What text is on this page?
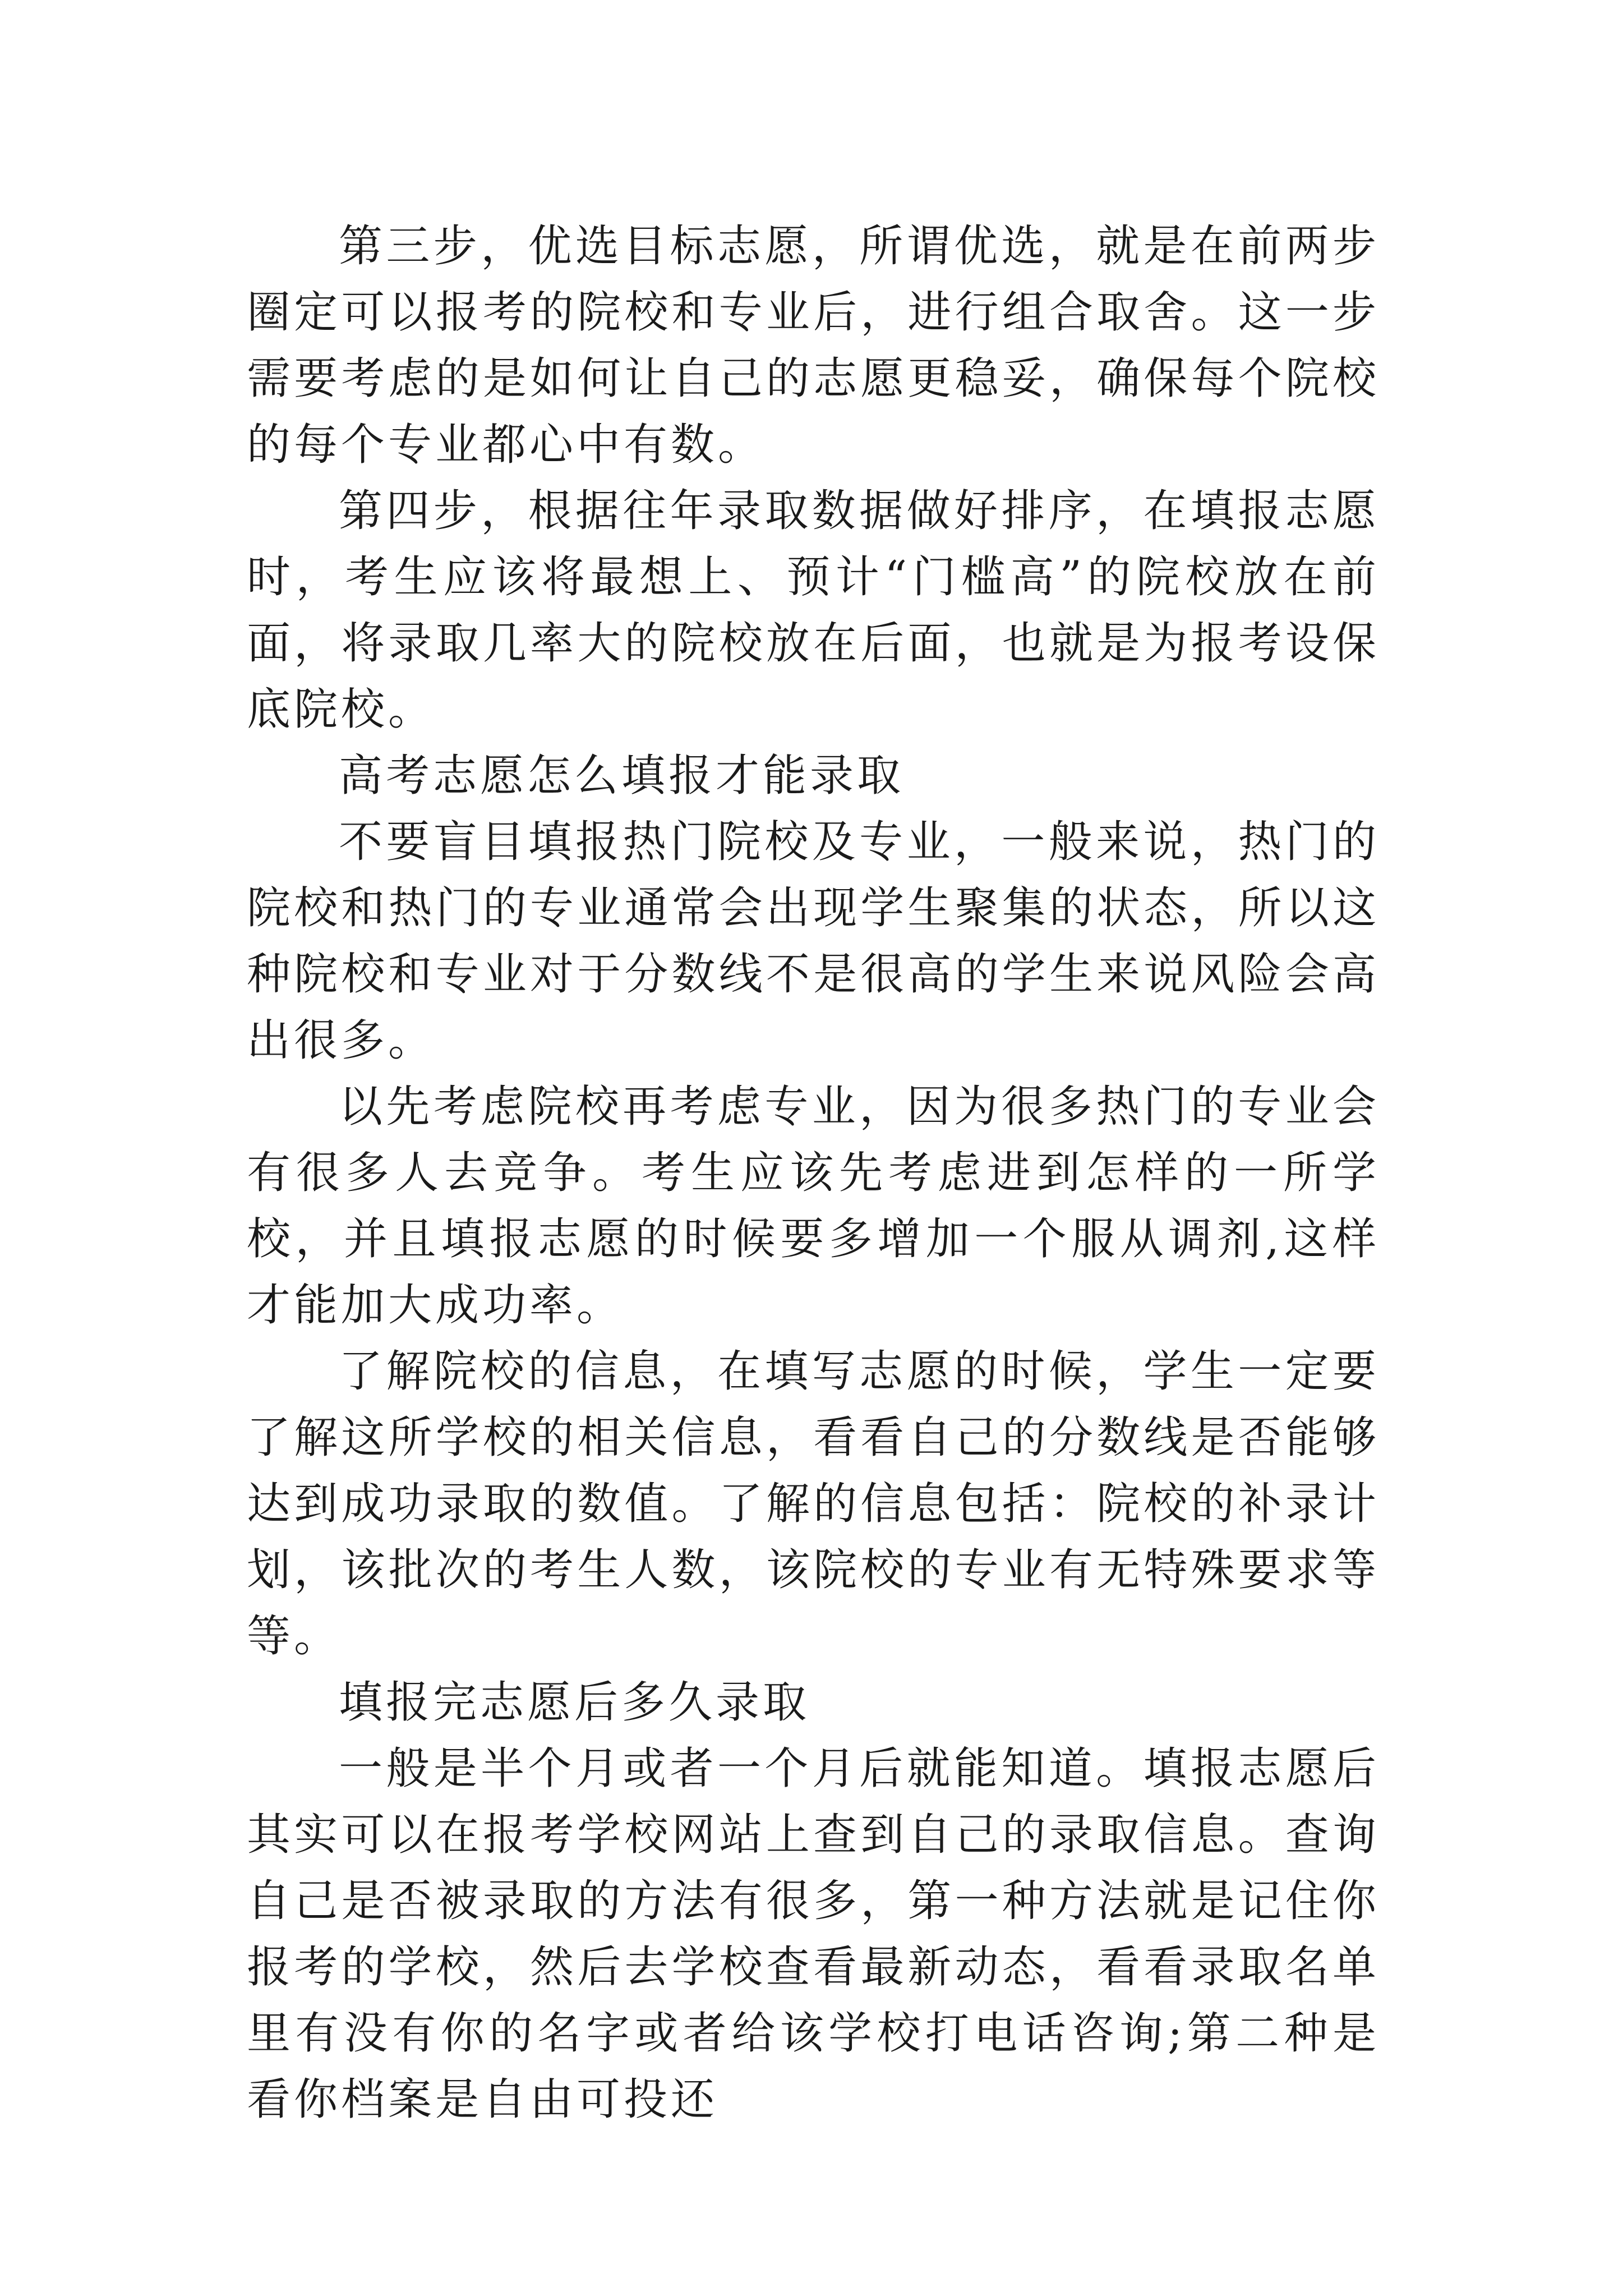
第三步，优选目标志愿，所谓优选，就是在前两步圈定可以报考的院校和专业后，进行组合取舍。这一步需要考虑的是如何让自己的志愿更稳妥，确保每个院校的每个专业都心中有数。

第四步，根据往年录取数据做好排序，在填报志愿时，考生应该将最想上、预计“门槛高”的院校放在前面，将录取几率大的院校放在后面，也就是为报考设保底院校。

高考志愿怎么填报才能录取

不要盲目填报热门院校及专业，一般来说，热门的院校和热门的专业通常会出现学生聚集的状态，所以这种院校和专业对于分数线不是很高的学生来说风险会高出很多。

以先考虑院校再考虑专业，因为很多热门的专业会有很多人去竞争。考生应该先考虑进到怎样的一所学校，并且填报志愿的时候要多增加一个服从调剂,这样才能加大成功率。

了解院校的信息，在填写志愿的时候，学生一定要了解这所学校的相关信息，看看自己的分数线是否能够达到成功录取的数值。了解的信息包括：院校的补录计划，该批次的考生人数，该院校的专业有无特殊要求等等。

填报完志愿后多久录取

一般是半个月或者一个月后就能知道。填报志愿后其实可以在报考学校网站上查到自己的录取信息。查询自己是否被录取的方法有很多，第一种方法就是记住你报考的学校，然后去学校查看最新动态，看看录取名单里有没有你的名字或者给该学校打电话咨询;第二种是看你档案是自由可投还
